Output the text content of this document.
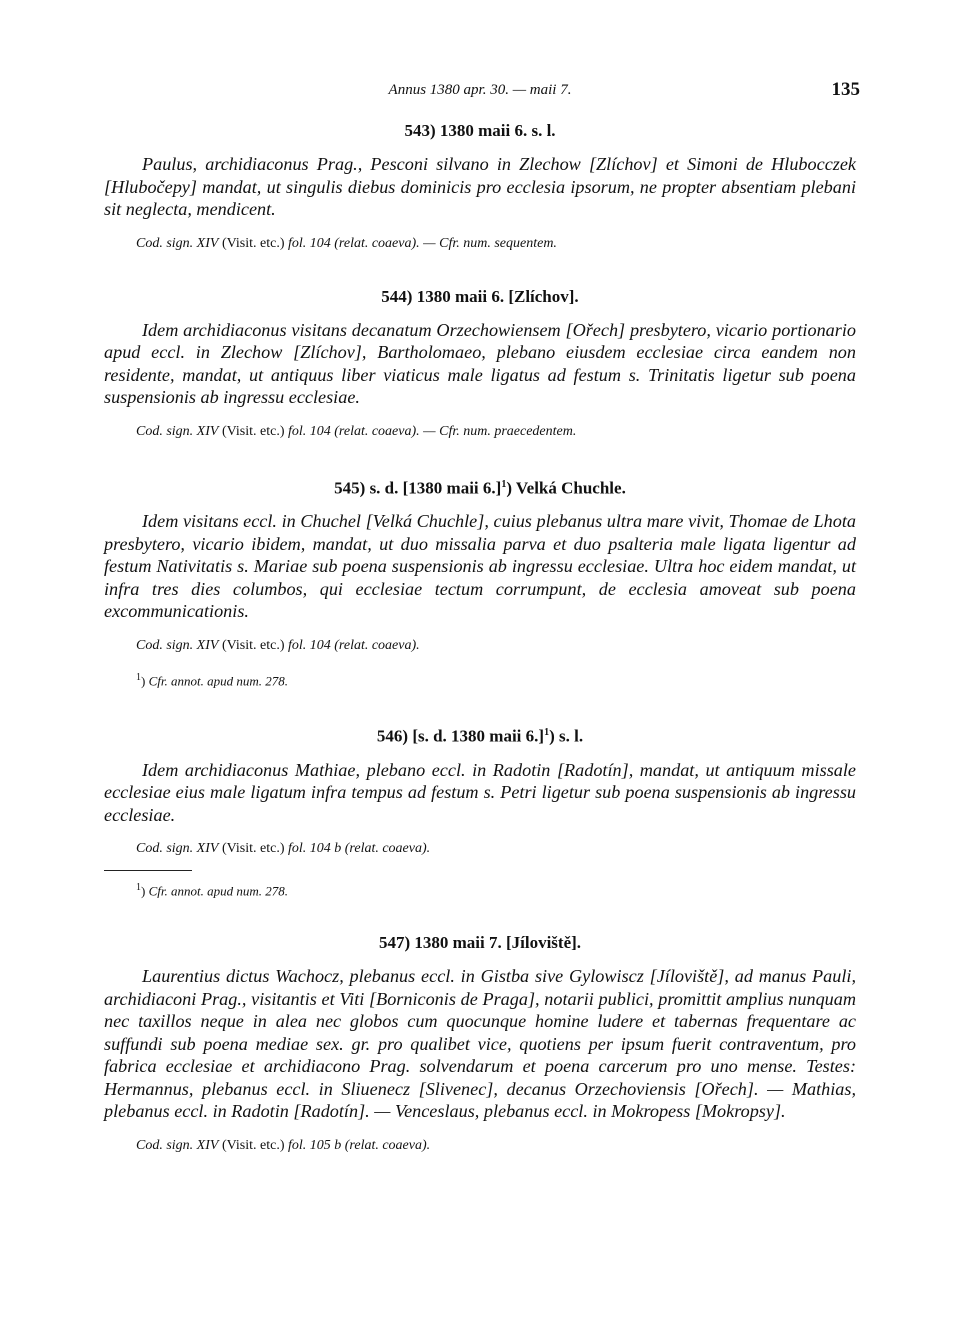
Annus 1380 apr. 30. — maii 7.	135
543) 1380 maii 6. s. l.

Paulus, archidiaconus Prag., Pesconi silvano in Zlechow [Zlíchov] et Simoni de Hlubocczek [Hlubočepy] mandat, ut singulis diebus dominicis pro ecclesia ipsorum, ne propter absentiam plebani sit neglecta, mendicent.

Cod. sign. XIV (Visit. etc.) fol. 104 (relat. coaeva). — Cfr. num. sequentem.
544) 1380 maii 6. [Zlíchov].

Idem archidiaconus visitans decanatum Orzechowiensem [Ořech] presbytero, vicario portionario apud eccl. in Zlechow [Zlíchov], Bartholomaeo, plebano eiusdem ecclesiae circa eandem non residente, mandat, ut antiquus liber viaticus male ligatus ad festum s. Trinitatis ligetur sub poena suspensionis ab ingressu ecclesiae.

Cod. sign. XIV (Visit. etc.) fol. 104 (relat. coaeva). — Cfr. num. praecedentem.
545) s. d. [1380 maii 6.]$^1$) Velká Chuchle.

Idem visitans eccl. in Chuchel [Velká Chuchle], cuius plebanus ultra mare vivit, Thomae de Lhota presbytero, vicario ibidem, mandat, ut duo missalia parva et duo psalteria male ligata ligentur ad festum Nativitatis s. Mariae sub poena suspensionis ab ingressu ecclesiae. Ultra hoc eidem mandat, ut infra tres dies columbos, qui ecclesiae tectum corrumpunt, de ecclesia amoveat sub poena excommunicationis.

Cod. sign. XIV (Visit. etc.) fol. 104 (relat. coaeva).
$^1$) Cfr. annot. apud num. 278.
546) [s. d. 1380 maii 6.]$^1$) s. l.

Idem archidiaconus Mathiae, plebano eccl. in Radotin [Radotín], mandat, ut antiquum missale ecclesiae eius male ligatum infra tempus ad festum s. Petri ligetur sub poena suspensionis ab ingressu ecclesiae.

Cod. sign. XIV (Visit. etc.) fol. 104 b (relat. coaeva).
$^1$) Cfr. annot. apud num. 278.
547) 1380 maii 7. [Jíloviště].

Laurentius dictus Wachocz, plebanus eccl. in Gistba sive Gylowiscz [Jíloviště], ad manus Pauli, archidiaconi Prag., visitantis et Viti [Borniconis de Praga], notarii publici, promittit amplius nunquam nec taxillos neque in alea nec globos cum quocunque homine ludere et tabernas frequentare ac suffundi sub poena mediae sex. gr. pro qualibet vice, quotiens per ipsum fuerit contraventum, pro fabrica ecclesiae et archidiacono Prag. solvendarum et poena carcerum pro uno mense. Testes: Hermannus, plebanus eccl. in Sliuenecz [Slivenec], decanus Orzechoviensis [Ořech]. — Mathias, plebanus eccl. in Radotin [Radotín]. — Venceslaus, plebanus eccl. in Mokropess [Mokropsy].

Cod. sign. XIV (Visit. etc.) fol. 105 b (relat. coaeva).
